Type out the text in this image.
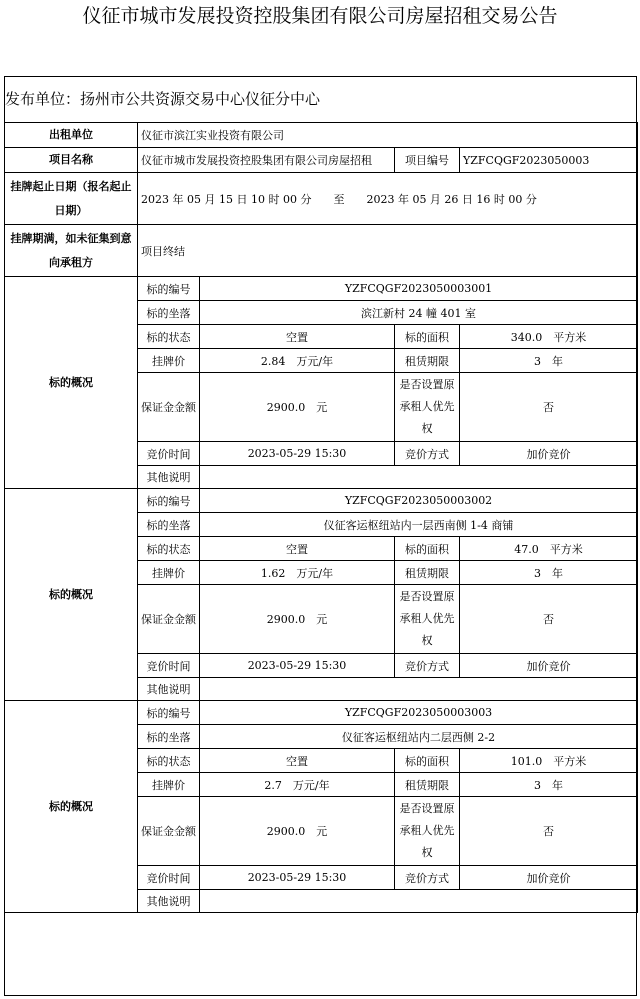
仪征市城市发展投资控股集团有限公司房屋招租交易公告
发布单位：扬州市公共资源交易中心仪征分中心
出租单位	仪征市滨江实业投资有限公司			
项目名称	仪征市城市发展投资控股集团有限公司房屋招租		项目编号	YZFCQGF2023050003
挂牌起止日期（报名起止日期）	2023 年 05 月 15 日 10 时 00 分 至 2023 年 05 月 26 日 16 时 00 分			
挂牌期满，如未征集到意向承租方	项目终结			
标的概况	标的编号	YZFCQGF2023050003001		
	标的坐落	滨江新村 24 幢 401 室		
	标的状态	空置	标的面积	340.0　平方米
	挂牌价	2.84　万元/年	租赁期限	3　年
	保证金金额	2900.0　元	是否设置原承租人优先权	否
	竞价时间	2023-05-29 15:30	竞价方式	加价竞价
	其他说明			
标的概况	标的编号	YZFCQGF2023050003002		
	标的坐落	仪征客运枢纽站内一层西南侧 1-4 商铺		
	标的状态	空置	标的面积	47.0　平方米
	挂牌价	1.62　万元/年	租赁期限	3　年
	保证金金额	2900.0　元	是否设置原承租人优先权	否
	竞价时间	2023-05-29 15:30	竞价方式	加价竞价
	其他说明			
标的概况	标的编号	YZFCQGF2023050003003		
	标的坐落	仪征客运枢纽站内二层西侧 2-2		
	标的状态	空置	标的面积	101.0　平方米
	挂牌价	2.7　万元/年	租赁期限	3　年
	保证金金额	2900.0　元	是否设置原承租人优先权	否
	竞价时间	2023-05-29 15:30	竞价方式	加价竞价
	其他说明			
